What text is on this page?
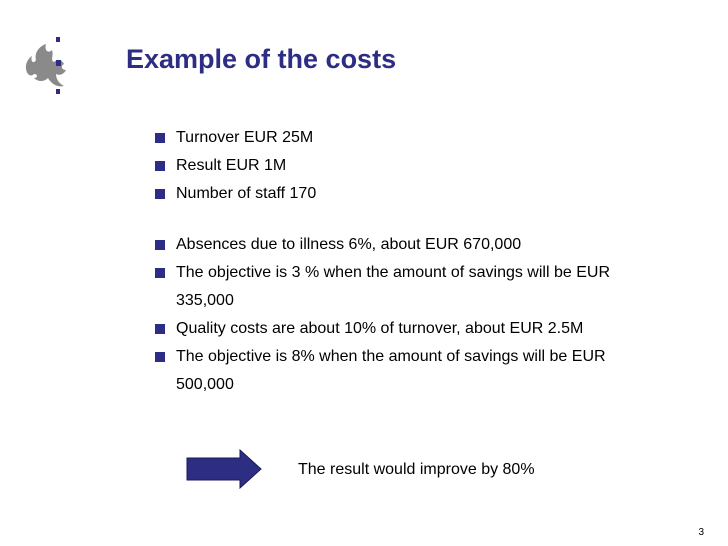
Example of the costs
Turnover EUR 25M
Result EUR 1M
Number of staff 170
Absences due to illness 6%, about EUR 670,000
The objective is 3 % when the amount of savings will be EUR
335,000
Quality costs are about 10% of turnover, about EUR 2.5M
The objective is 8% when the amount of savings will be EUR
500,000
The result would improve by 80%
3
